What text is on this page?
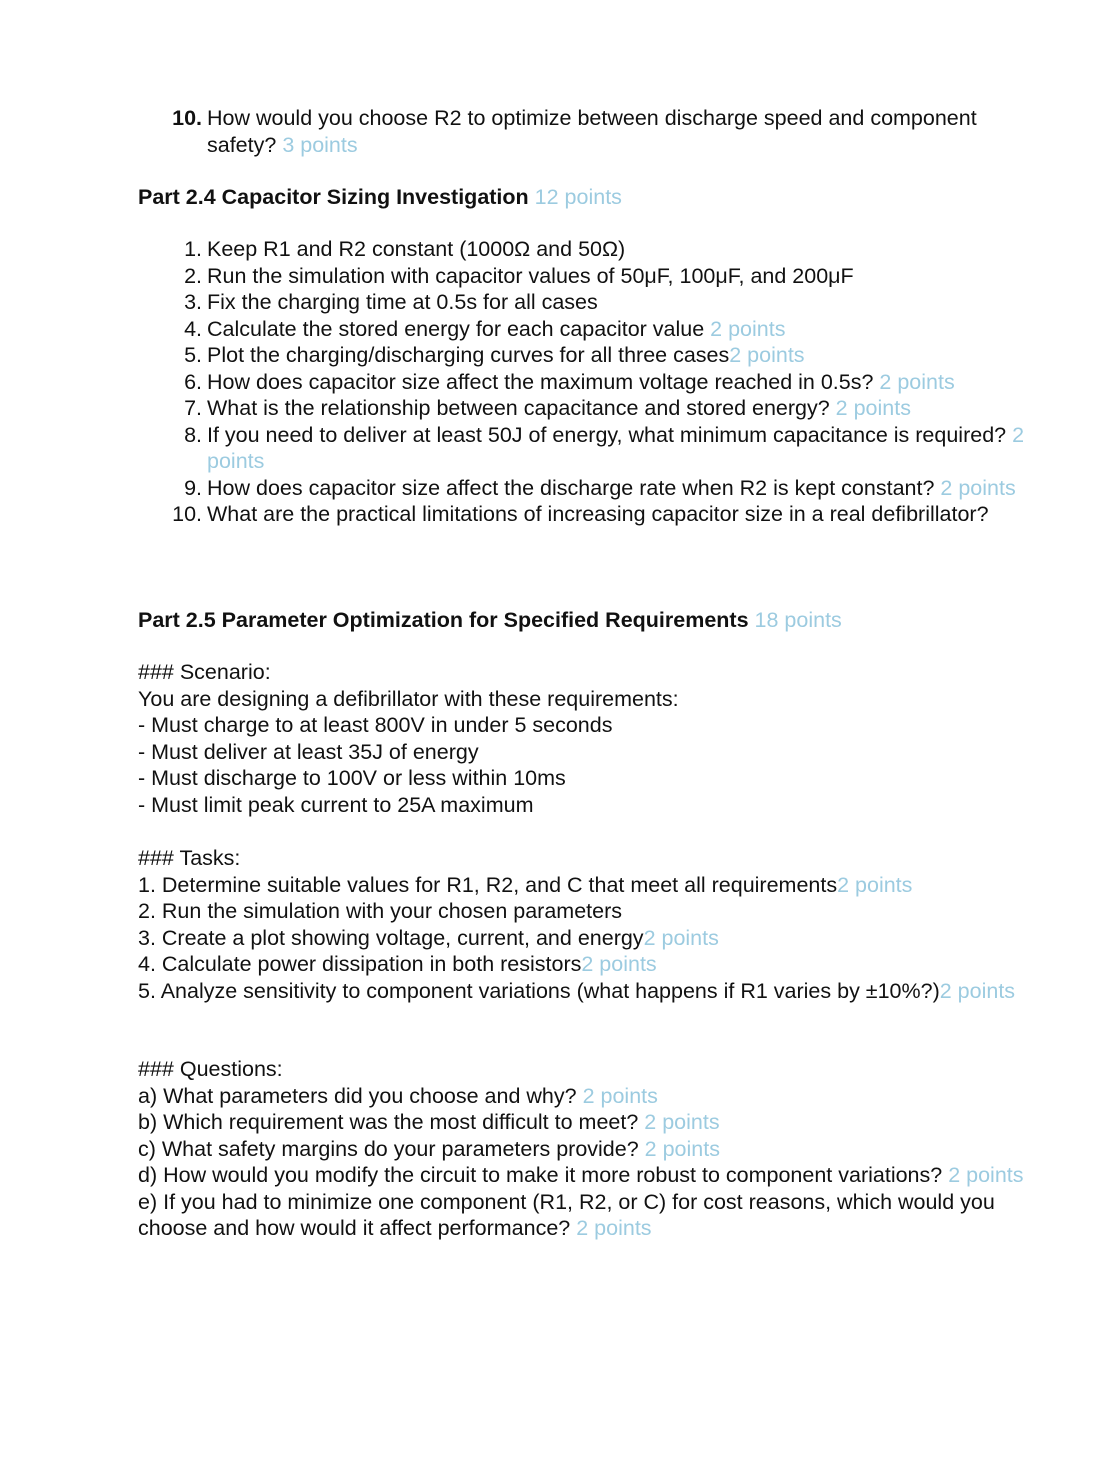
10. How would you choose R2 to optimize between discharge speed and component safety? 3 points
Part 2.4 Capacitor Sizing Investigation 12 points
1. Keep R1 and R2 constant (1000Ω and 50Ω)
2. Run the simulation with capacitor values of 50μF, 100μF, and 200μF
3. Fix the charging time at 0.5s for all cases
4. Calculate the stored energy for each capacitor value 2 points
5. Plot the charging/discharging curves for all three cases2 points
6. How does capacitor size affect the maximum voltage reached in 0.5s? 2 points
7. What is the relationship between capacitance and stored energy? 2 points
8. If you need to deliver at least 50J of energy, what minimum capacitance is required? 2 points
9. How does capacitor size affect the discharge rate when R2 is kept constant? 2 points
10. What are the practical limitations of increasing capacitor size in a real defibrillator?
Part 2.5 Parameter Optimization for Specified Requirements 18 points
### Scenario:
You are designing a defibrillator with these requirements:
- Must charge to at least 800V in under 5 seconds
- Must deliver at least 35J of energy
- Must discharge to 100V or less within 10ms
- Must limit peak current to 25A maximum
### Tasks:
1. Determine suitable values for R1, R2, and C that meet all requirements2 points
2. Run the simulation with your chosen parameters
3. Create a plot showing voltage, current, and energy2 points
4. Calculate power dissipation in both resistors2 points
5. Analyze sensitivity to component variations (what happens if R1 varies by ±10%?)2 points
### Questions:
a) What parameters did you choose and why? 2 points
b) Which requirement was the most difficult to meet? 2 points
c) What safety margins do your parameters provide? 2 points
d) How would you modify the circuit to make it more robust to component variations? 2 points
e) If you had to minimize one component (R1, R2, or C) for cost reasons, which would you choose and how would it affect performance? 2 points
